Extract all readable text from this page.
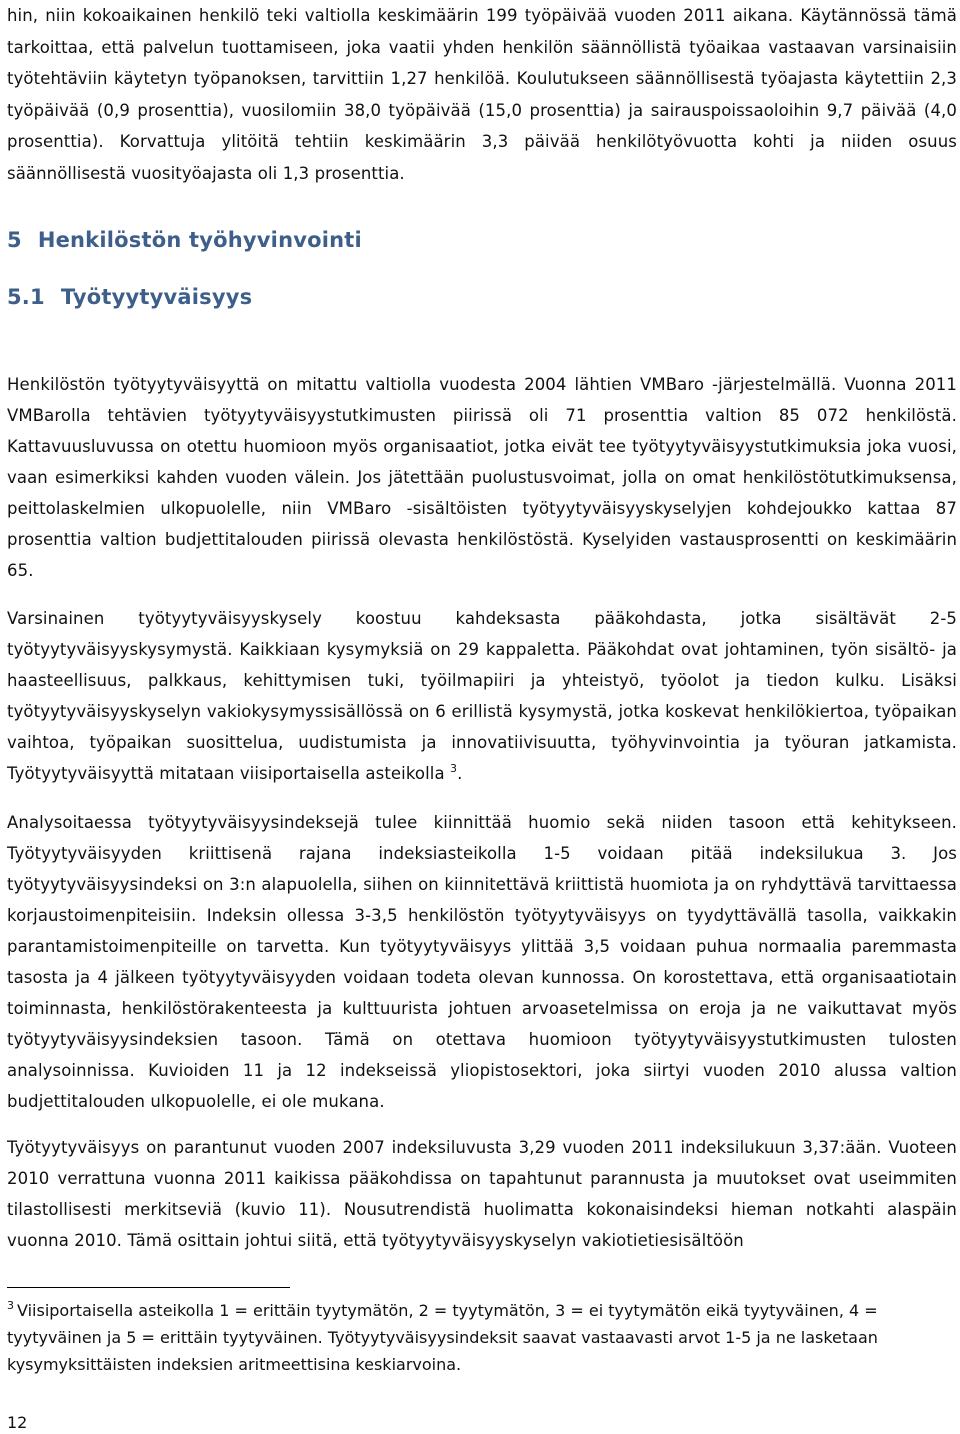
hin, niin kokoaikainen henkilö teki valtiolla keskimäärin 199 työpäivää vuoden 2011 aikana. Käytännössä tämä tarkoittaa, että palvelun tuottamiseen, joka vaatii yhden henkilön säännöllistä työaikaa vastaavan varsinaisiin työtehtäviin käytetyn työpanoksen, tarvittiin 1,27 henkilöä. Koulutukseen säännöllisestä työajasta käytettiin 2,3 työpäivää (0,9 prosenttia), vuosilomiin 38,0 työpäivää (15,0 prosenttia) ja sairauspoissaoloihin 9,7 päivää (4,0 prosenttia). Korvattuja ylitöitä tehtiin keskimäärin 3,3 päivää henkilötyövuotta kohti ja niiden osuus säännöllisestä vuosityöajasta oli 1,3 prosenttia.

5 Henkilöstön työhyvinvointi
5.1 Työtyytyväisyys

Henkilöstön työtyytyväisyyttä on mitattu valtiolla vuodesta 2004 lähtien VMBaro -järjestelmällä. Vuonna 2011 VMBarolla tehtävien työtyytyväisyystutkimusten piirissä oli 71 prosenttia valtion 85 072 henkilöstä. Kattavuusluvussa on otettu huomioon myös organisaatiot, jotka eivät tee työtyytyväisyystutkimuksia joka vuosi, vaan esimerkiksi kahden vuoden välein. Jos jätettään puolustusvoimat, jolla on omat henkilöstötutkimuksensa, peittolaskelmien ulkopuolelle, niin VMBaro -sisältöisten työtyytyväisyyskyselyjen kohdejoukko kattaa 87 prosenttia valtion budjettitalouden piirissä olevasta henkilöstöstä. Kyselyiden vastausprosentti on keskimäärin 65.

Varsinainen työtyytyväisyyskysely koostuu kahdeksasta pääkohdasta, jotka sisältävät 2-5 työtyytyväisyyskysymystä. Kaikkiaan kysymyksiä on 29 kappaletta. Pääkohdat ovat johtaminen, työn sisältö- ja haasteellisuus, palkkaus, kehittymisen tuki, työilmapiiri ja yhteistyö, työolot ja tiedon kulku. Lisäksi työtyytyväisyyskyselyn vakiokysymyssisällössä on 6 erillistä kysymystä, jotka koskevat henkilökiertoa, työpaikan vaihtoa, työpaikan suosittelua, uudistumista ja innovatiivisuutta, työhyvinvointia ja työuran jatkamista. Työtyytyväisyyttä mitataan viisiportaisella asteikolla $^3$.

Analysoitaessa työtyytyväisyysindeksejä tulee kiinnittää huomio sekä niiden tasoon että kehitykseen. Työtyytyväisyyden kriittisenä rajana indeksiasteikolla 1-5 voidaan pitää indeksilukua 3. Jos työtyytyväisyysindeksi on 3:n alapuolella, siihen on kiinnitettävä kriittistä huomiota ja on ryhdyttävä tarvittaessa korjaustoimenpiteisiin. Indeksin ollessa 3-3,5 henkilöstön työtyytyväisyys on tyydyttävällä tasolla, vaikkakin parantamistoimenpiteille on tarvetta. Kun työtyytyväisyys ylittää 3,5 voidaan puhua normaalia paremmasta tasosta ja 4 jälkeen työtyytyväisyyden voidaan todeta olevan kunnossa. On korostettava, että organisaatiotain toiminnasta, henkilöstörakenteesta ja kulttuurista johtuen arvoasetelmissa on eroja ja ne vaikuttavat myös työtyytyväisyysindeksien tasoon. Tämä on otettava huomioon työtyytyväisyystutkimusten tulosten analysoinnissa. Kuvioiden 11 ja 12 indekseissä yliopistosektori, joka siirtyi vuoden 2010 alussa valtion budjettitalouden ulkopuolelle, ei ole mukana.

Työtyytyväisyys on parantunut vuoden 2007 indeksiluvusta 3,29 vuoden 2011 indeksilukuun 3,37:ään. Vuoteen 2010 verrattuna vuonna 2011 kaikissa pääkohdissa on tapahtunut parannusta ja muutokset ovat useimmiten tilastollisesti merkitseviä (kuvio 11). Nousutrendistä huolimatta kokonaisindeksi hieman notkahti alaspäin vuonna 2010. Tämä osittain johtui siitä, että työtyytyväisyyskyselyn vakiotietiesisältöön

$^3$ Viisiportaisella asteikolla 1 = erittäin tyytymätön, 2 = tyytymätön, 3 = ei tyytymätön eikä tyytyväinen, 4 = tyytyväinen ja 5 = erittäin tyytyväinen. Työtyytyväisyysindeksit saavat vastaavasti arvot 1-5 ja ne lasketaan kysymyksittäisten indeksien aritmeettisina keskiarvoina.

12
